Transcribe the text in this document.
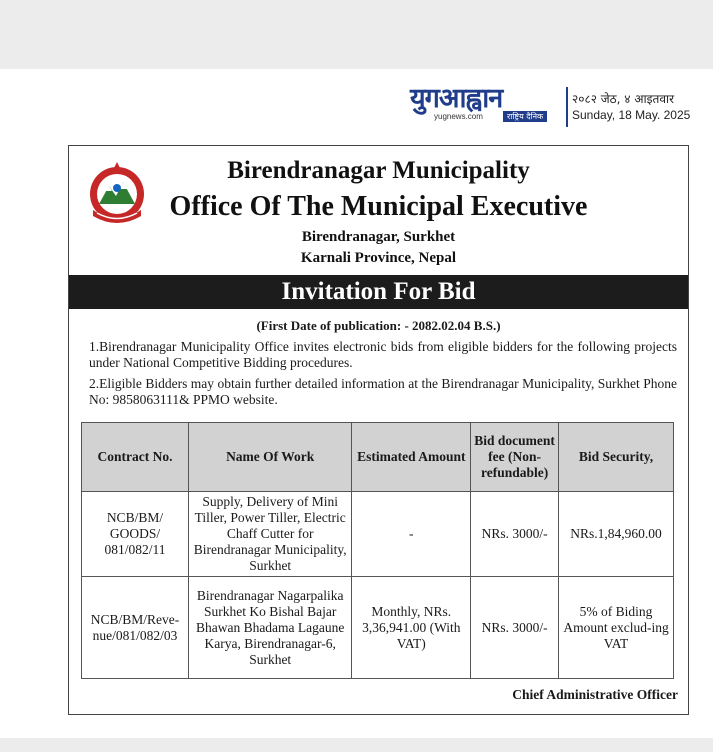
युगआह्वान
yugnews.com	राष्ट्रिय दैनिक
२०८२ जेठ, ४ आइतवार
Sunday, 18 May. 2025
Birendranagar Municipality
Office Of The Municipal Executive
Birendranagar, Surkhet
Karnali Province, Nepal
Invitation For Bid
(First Date of publication: - 2082.02.04 B.S.)
1.Birendranagar Municipality Office invites electronic bids from eligible bidders for the following projects under National Competitive Bidding procedures.
2.Eligible Bidders may obtain further detailed information at the Birendranagar Municipality, Surkhet Phone No: 9858063111& PPMO website.
Contract No.	Name Of Work	Estimated Amount	Bid document fee (Non-refundable)	Bid Security,
NCB/BM/ GOODS/ 081/082/11	Supply, Delivery of Mini Tiller, Power Tiller, Electric Chaff Cutter for Birendranagar Municipality, Surkhet	-	NRs. 3000/-	NRs.1,84,960.00
NCB/BM/Reve-nue/081/082/03	Birendranagar Nagarpalika Surkhet Ko Bishal Bajar Bhawan Bhadama Lagaune Karya, Birendranagar-6, Surkhet	Monthly, NRs. 3,36,941.00 (With VAT)	NRs. 3000/-	5% of Biding Amount exclud-ing VAT
Chief Administrative Officer
